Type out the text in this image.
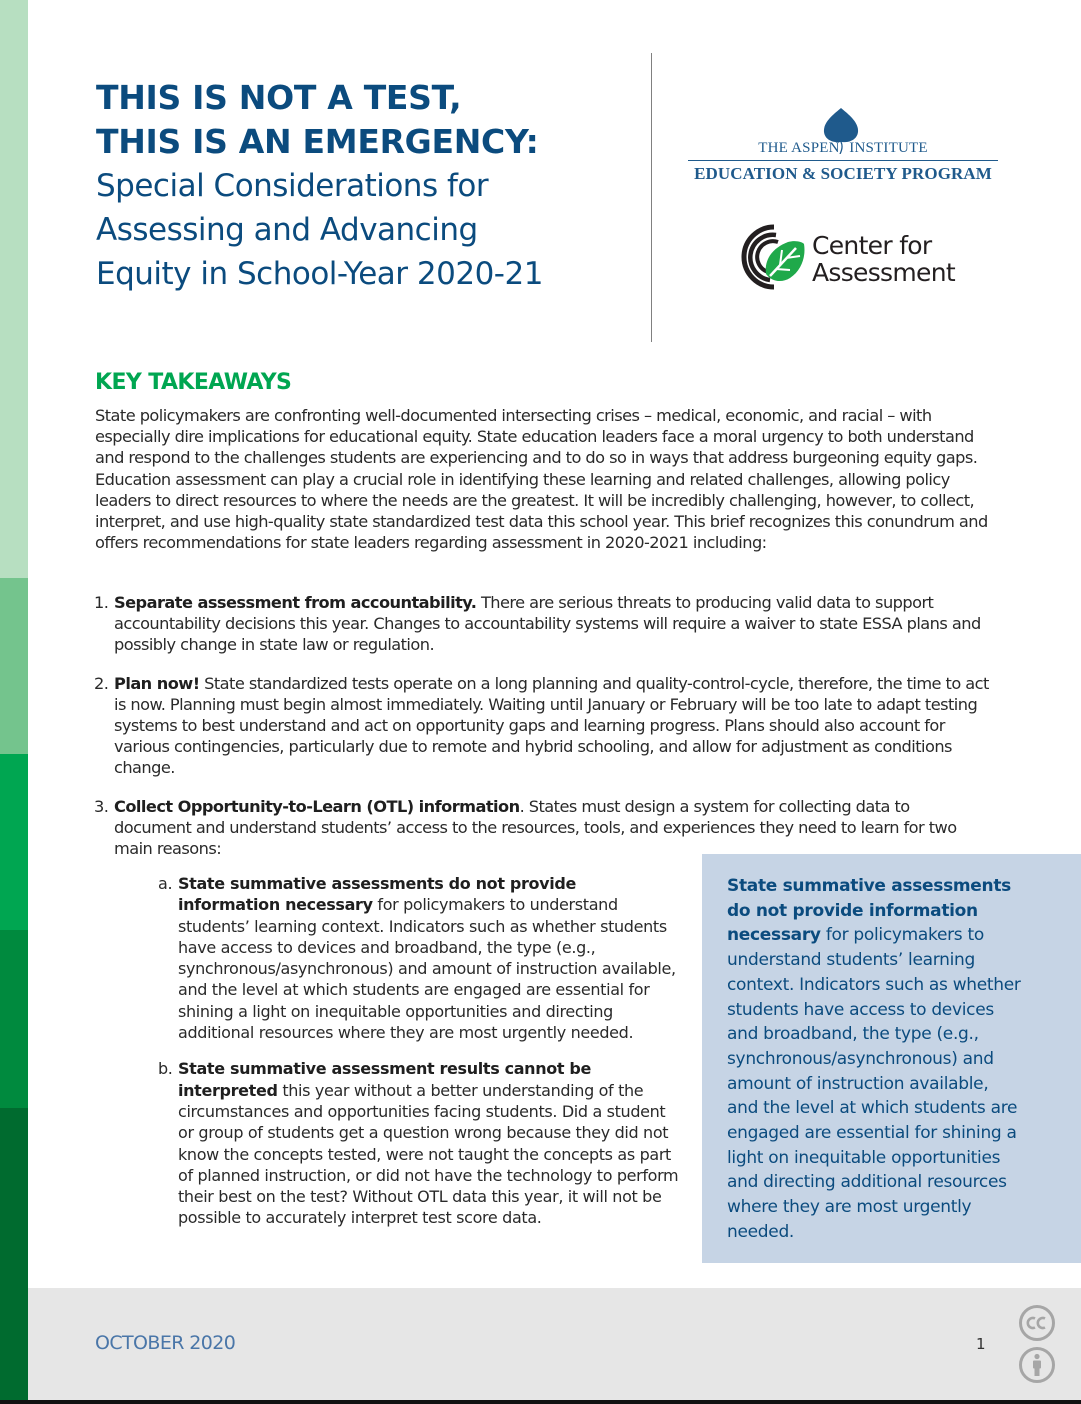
THIS IS NOT A TEST,
THIS IS AN EMERGENCY:
Special Considerations for
Assessing and Advancing
Equity in School-Year 2020-21
THE ASPEN    INSTITUTE
EDUCATION & SOCIETY PROGRAM
Center for
Assessment
KEY TAKEAWAYS

State policymakers are confronting well-documented intersecting crises – medical, economic, and racial – with especially dire implications for educational equity. State education leaders face a moral urgency to both understand and respond to the challenges students are experiencing and to do so in ways that address burgeoning equity gaps. Education assessment can play a crucial role in identifying these learning and related challenges, allowing policy leaders to direct resources to where the needs are the greatest. It will be incredibly challenging, however, to collect, interpret, and use high-quality state standardized test data this school year. This brief recognizes this conundrum and offers recommendations for state leaders regarding assessment in 2020-2021 including:

1. Separate assessment from accountability. There are serious threats to producing valid data to support accountability decisions this year. Changes to accountability systems will require a waiver to state ESSA plans and possibly change in state law or regulation.
2. Plan now! State standardized tests operate on a long planning and quality-control-cycle, therefore, the time to act is now. Planning must begin almost immediately. Waiting until January or February will be too late to adapt testing systems to best understand and act on opportunity gaps and learning progress. Plans should also account for various contingencies, particularly due to remote and hybrid schooling, and allow for adjustment as conditions change.
3. Collect Opportunity-to-Learn (OTL) information. States must design a system for collecting data to document and understand students’ access to the resources, tools, and experiences they need to learn for two main reasons:
a. State summative assessments do not provide information necessary for policymakers to understand students’ learning context. Indicators such as whether students have access to devices and broadband, the type (e.g., synchronous/asynchronous) and amount of instruction available, and the level at which students are engaged are essential for shining a light on inequitable opportunities and directing additional resources where they are most urgently needed.
b. State summative assessment results cannot be interpreted this year without a better understanding of the circumstances and opportunities facing students. Did a student or group of students get a question wrong because they did not know the concepts tested, were not taught the concepts as part of planned instruction, or did not have the technology to perform their best on the test? Without OTL data this year, it will not be possible to accurately interpret test score data.
State summative assessments do not provide information necessary for policymakers to understand students’ learning context. Indicators such as whether students have access to devices and broadband, the type (e.g., synchronous/asynchronous) and amount of instruction available, and the level at which students are engaged are essential for shining a light on inequitable opportunities and directing additional resources where they are most urgently needed.
OCTOBER 2020	1
